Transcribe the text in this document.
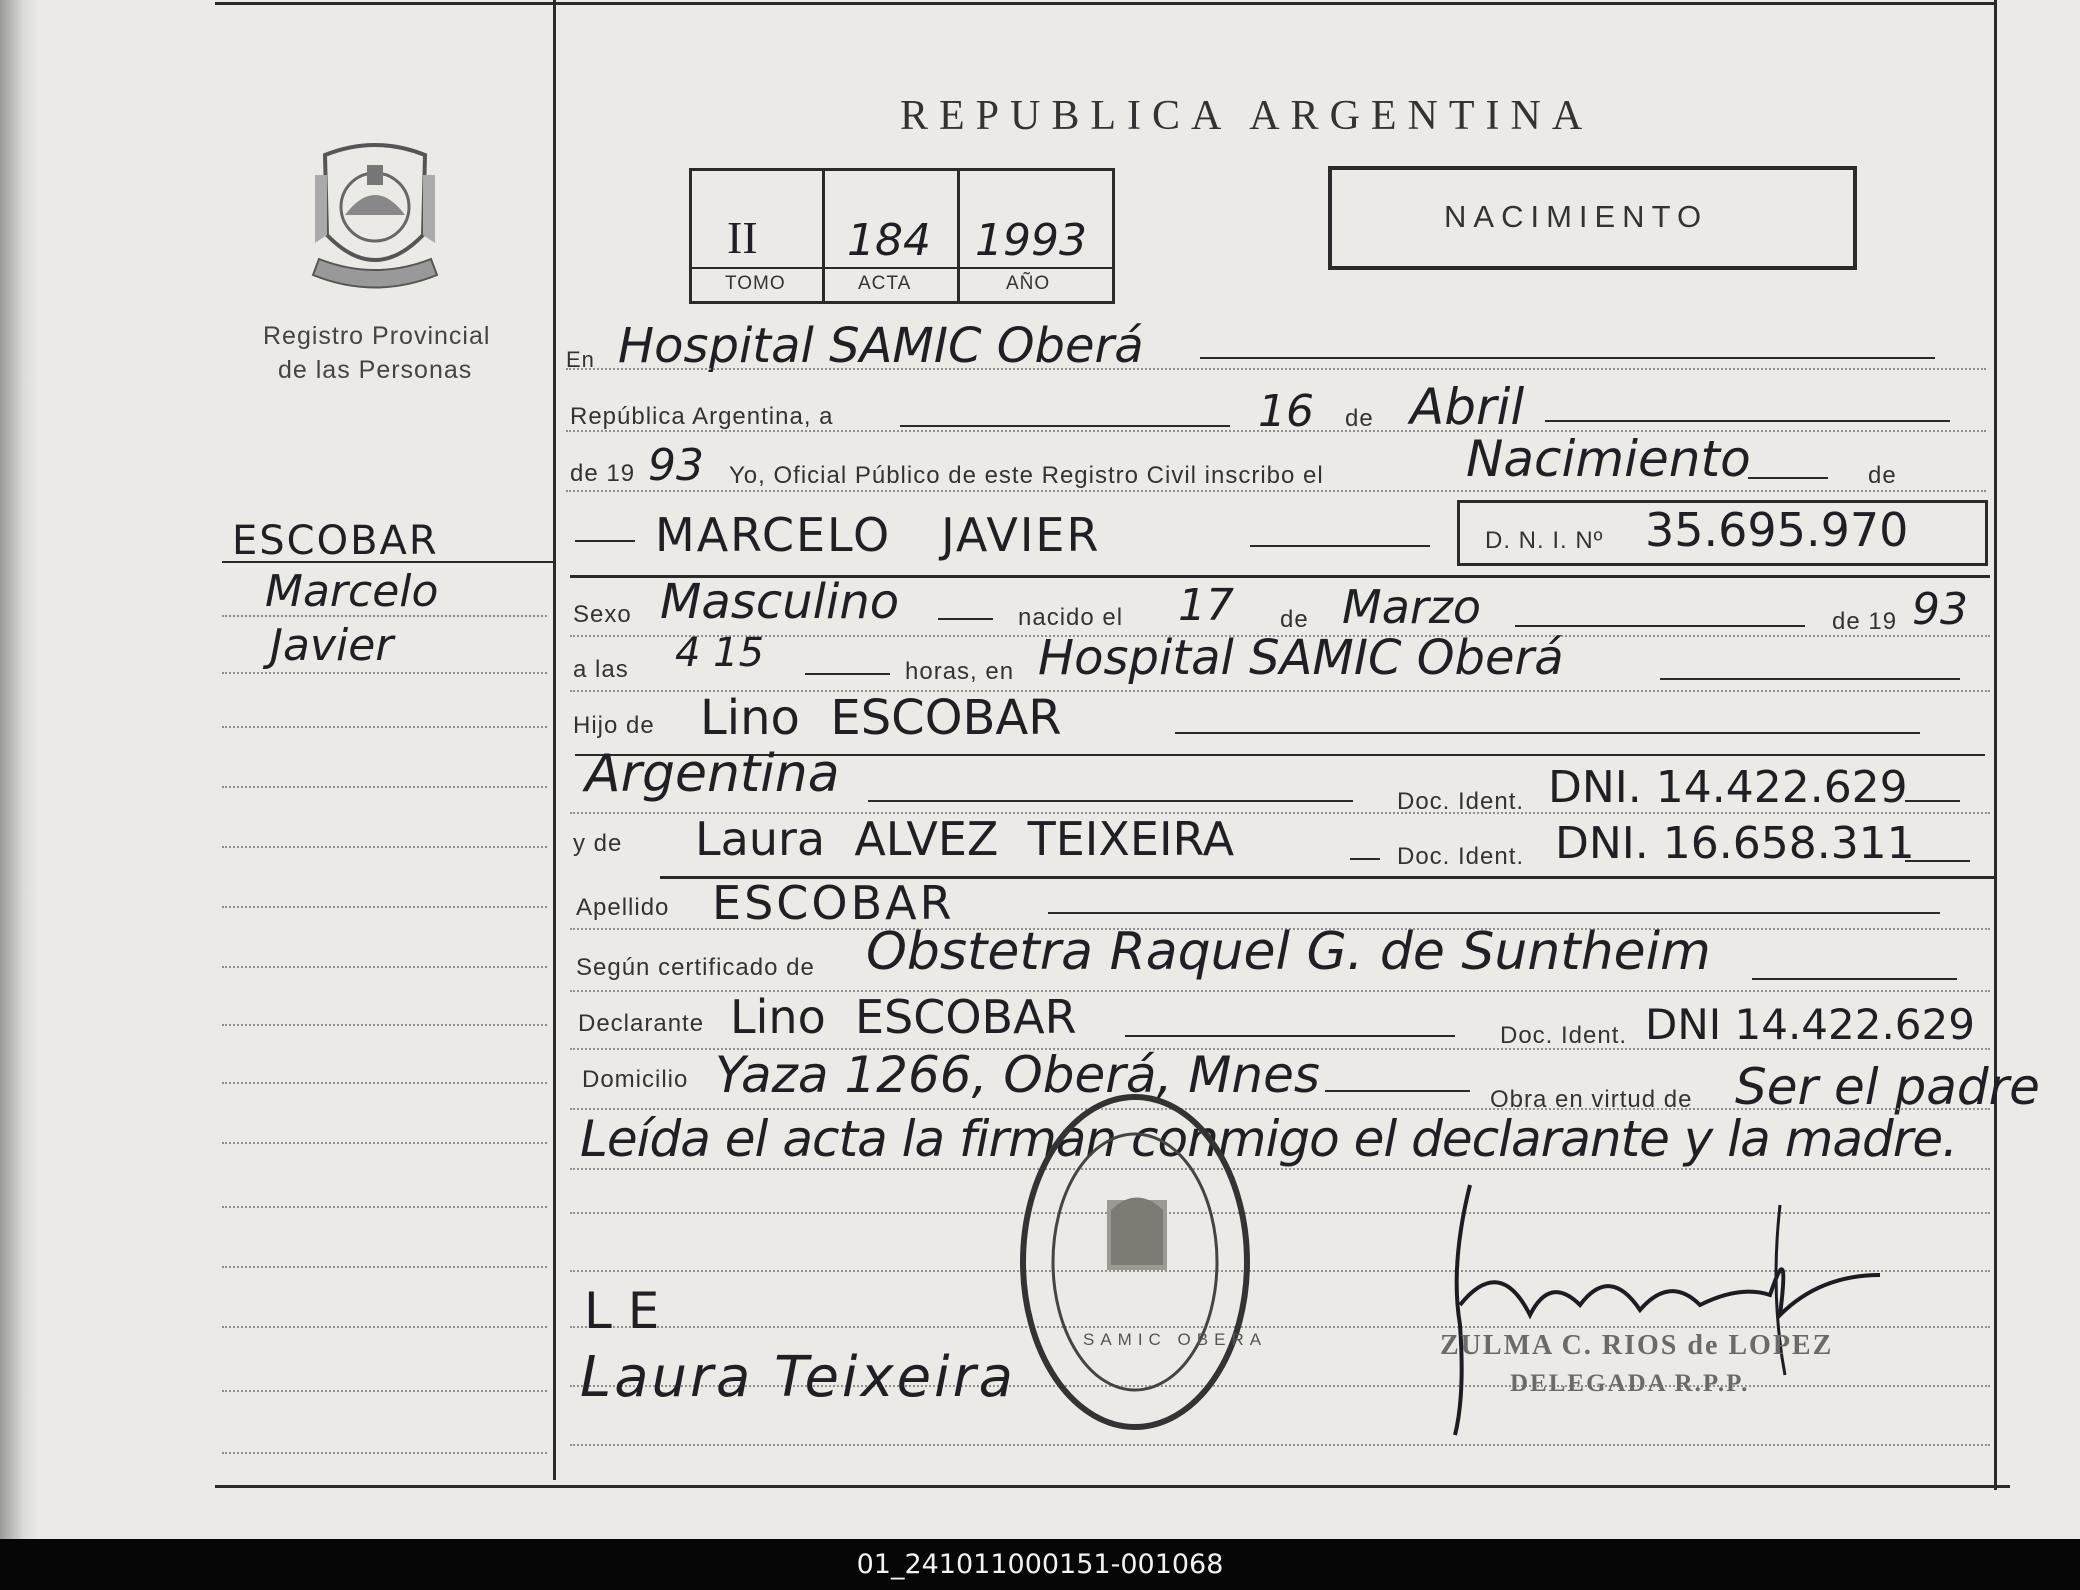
REPUBLICA ARGENTINA
Registro Provincial
de las Personas
II 184 1993
TOMO	ACTA	AÑO
NACIMIENTO
ESCOBAR
Marcelo
Javier
En Hospital SAMIC Oberá
República Argentina, a	16 de Abril
de 19 93 Yo, Oficial Público de este Registro Civil inscribo el	Nacimiento	de
MARCELO   JAVIER	D. N. I. Nº 35.695.970
Sexo Masculino	nacido el 17 de Marzo	de 19 93
a las 4 15	horas, en Hospital SAMIC Oberá
Hijo de Lino  ESCOBAR
Argentina	Doc. Ident. DNI. 14.422.629
y de Laura  ALVEZ  TEIXEIRA	Doc. Ident. DNI. 16.658.311
Apellido ESCOBAR
Según certificado de Obstetra Raquel G. de Suntheim
Declarante Lino  ESCOBAR	Doc. Ident. DNI 14.422.629
Domicilio Yaza 1266, Oberá, Mnes	Obra en virtud de Ser el padre
Leída el acta la firman conmigo el declarante y la madre.
L E
Laura Teixeira
SAMIC OBERA	ZULMA C. RIOS de LOPEZ
DELEGADA R.P.P.
01_241011000151-001068
